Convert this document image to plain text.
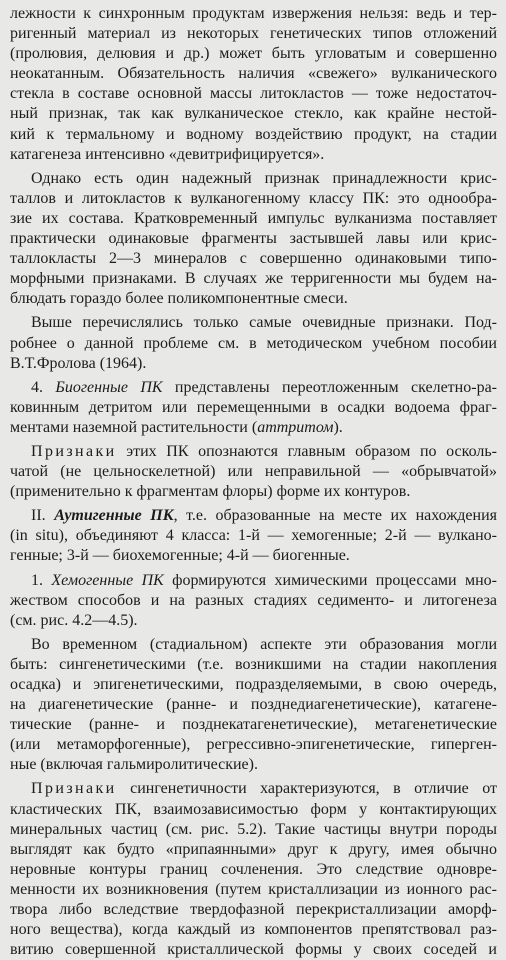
лежности к синхронным продуктам извержения нельзя: ведь и тер-
ригенный материал из некоторых генетических типов отложений
(пролювия, делювия и др.) может быть угловатым и совершенно
неокатанным. Обязательность наличия «свежего» вулканического
стекла в составе основной массы литокластов — тоже недостаточ-
ный признак, так как вулканическое стекло, как крайне нестой-
кий к термальному и водному воздействию продукт, на стадии
катагенеза интенсивно «девитрифицируется».
Однако есть один надежный признак принадлежности крис-
таллов и литокластов к вулканогенному классу ПК: это однообра-
зие их состава. Кратковременный импульс вулканизма поставляет
практически одинаковые фрагменты застывшей лавы или крис-
таллокласты 2—3 минералов с совершенно одинаковыми типо-
морфными признаками. В случаях же терригенности мы будем на-
блюдать гораздо более поликомпонентные смеси.
Выше перечислялись только самые очевидные признаки. Под-
робнее о данной проблеме см. в методическом учебном пособии
В.Т.Фролова (1964).
4. Биогенные ПК представлены переотложенным скелетно-ра-
ковинным детритом или перемещенными в осадки водоема фраг-
ментами наземной растительности (аттритом).
Признаки этих ПК опознаются главным образом по осколь-
чатой (не цельноскелетной) или неправильной — «обрывчатой»
(применительно к фрагментам флоры) форме их контуров.
II. Аутигенные ПК, т.е. образованные на месте их нахождения
(in situ), объединяют 4 класса: 1-й — хемогенные; 2-й — вулкано-
генные; 3-й — биохемогенные; 4-й — биогенные.
1. Хемогенные ПК формируются химическими процессами мно-
жеством способов и на разных стадиях седименто- и литогенеза
(см. рис. 4.2—4.5).
Во временном (стадиальном) аспекте эти образования могли
быть: сингенетическими (т.е. возникшими на стадии накопления
осадка) и эпигенетическими, подразделяемыми, в свою очередь,
на диагенетические (ранне- и позднедиагенетические), катагене-
тические (ранне- и позднекатагенетические), метагенетические
(или метаморфогенные), регрессивно-эпигенетические, гиперген-
ные (включая гальмиролитические).
Признаки сингенетичности характеризуются, в отличие от
кластических ПК, взаимозависимостью форм у контактирующих
минеральных частиц (см. рис. 5.2). Такие частицы внутри породы
выглядят как будто «припаянными» друг к другу, имея обычно
неровные контуры границ сочленения. Это следствие одновре-
менности их возникновения (путем кристаллизации из ионного рас-
твора либо вследствие твердофазной перекристаллизации аморф-
ного вещества), когда каждый из компонентов препятствовал раз-
витию совершенной кристаллической формы у своих соседей и
